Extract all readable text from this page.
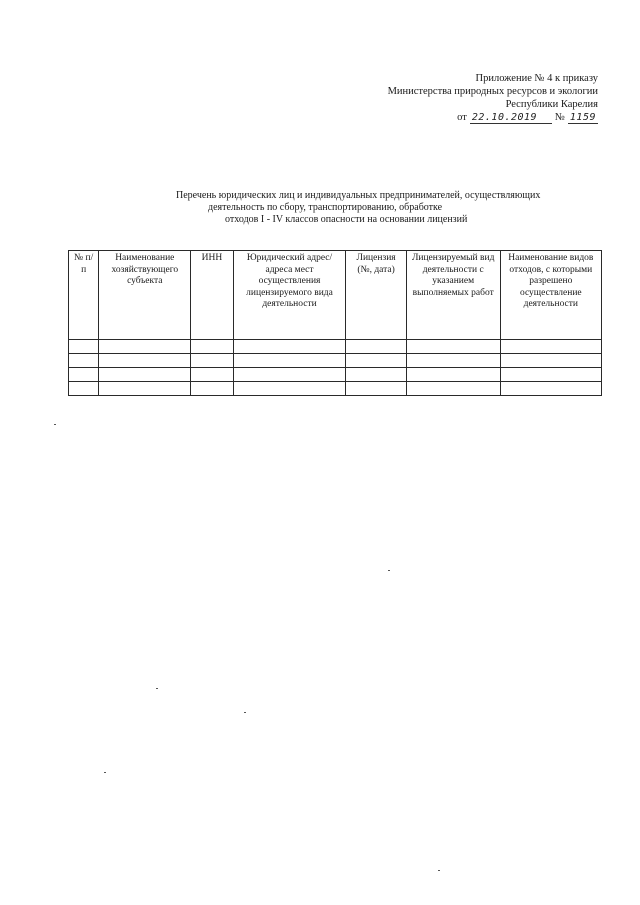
Приложение № 4 к приказу
Министерства природных ресурсов и экологии
Республики Карелия
от 22.10.2019	№ 1159
Перечень юридических лиц и индивидуальных предпринимателей, осуществляющих
деятельность по сбору, транспортированию, обработке
отходов I - IV классов опасности на основании лицензий
№ п/п	Наименование хозяйствующего субъекта	ИНН	Юридический адрес/адреса мест осуществления лицензируемого вида деятельности	Лицензия (№, дата)	Лицензируемый вид деятельности с указанием выполняемых работ	Наименование видов отходов, с которыми разрешено осуществление деятельности
